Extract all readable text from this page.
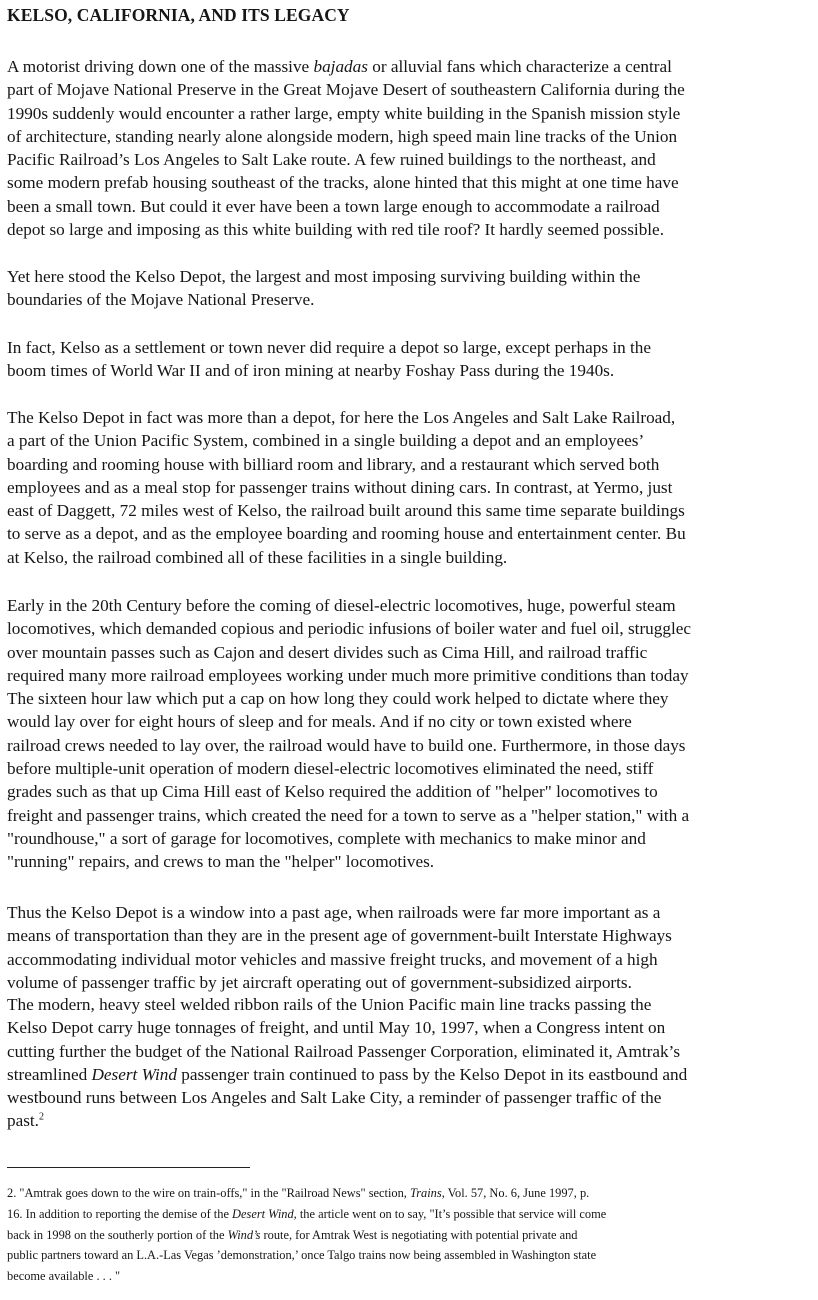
KELSO, CALIFORNIA, AND ITS LEGACY
A motorist driving down one of the massive bajadas or alluvial fans which characterize a central
part of Mojave National Preserve in the Great Mojave Desert of southeastern California during the
1990s suddenly would encounter a rather large, empty white building in the Spanish mission style
of architecture, standing nearly alone alongside modern, high speed main line tracks of the Union
Pacific Railroad’s Los Angeles to Salt Lake route. A few ruined buildings to the northeast, and
some modern prefab housing southeast of the tracks, alone hinted that this might at one time have
been a small town. But could it ever have been a town large enough to accommodate a railroad
depot so large and imposing as this white building with red tile roof? It hardly seemed possible.
Yet here stood the Kelso Depot, the largest and most imposing surviving building within the
boundaries of the Mojave National Preserve.
In fact, Kelso as a settlement or town never did require a depot so large, except perhaps in the
boom times of World War II and of iron mining at nearby Foshay Pass during the 1940s.
The Kelso Depot in fact was more than a depot, for here the Los Angeles and Salt Lake Railroad,
a part of the Union Pacific System, combined in a single building a depot and an employees’
boarding and rooming house with billiard room and library, and a restaurant which served both
employees and as a meal stop for passenger trains without dining cars. In contrast, at Yermo, just
east of Daggett, 72 miles west of Kelso, the railroad built around this same time separate buildings
to serve as a depot, and as the employee boarding and rooming house and entertainment center. Bu
at Kelso, the railroad combined all of these facilities in a single building.
Early in the 20th Century before the coming of diesel-electric locomotives, huge, powerful steam
locomotives, which demanded copious and periodic infusions of boiler water and fuel oil, strugglec
over mountain passes such as Cajon and desert divides such as Cima Hill, and railroad traffic
required many more railroad employees working under much more primitive conditions than today
The sixteen hour law which put a cap on how long they could work helped to dictate where they
would lay over for eight hours of sleep and for meals. And if no city or town existed where
railroad crews needed to lay over, the railroad would have to build one. Furthermore, in those days
before multiple-unit operation of modern diesel-electric locomotives eliminated the need, stiff
grades such as that up Cima Hill east of Kelso required the addition of "helper" locomotives to
freight and passenger trains, which created the need for a town to serve as a "helper station," with a
"roundhouse," a sort of garage for locomotives, complete with mechanics to make minor and
"running" repairs, and crews to man the "helper" locomotives.
Thus the Kelso Depot is a window into a past age, when railroads were far more important as a
means of transportation than they are in the present age of government-built Interstate Highways
accommodating individual motor vehicles and massive freight trucks, and movement of a high
volume of passenger traffic by jet aircraft operating out of government-subsidized airports.
The modern, heavy steel welded ribbon rails of the Union Pacific main line tracks passing the
Kelso Depot carry huge tonnages of freight, and until May 10, 1997, when a Congress intent on
cutting further the budget of the National Railroad Passenger Corporation, eliminated it, Amtrak’s
streamlined Desert Wind passenger train continued to pass by the Kelso Depot in its eastbound and
westbound runs between Los Angeles and Salt Lake City, a reminder of passenger traffic of the
past.$^2$
2. "Amtrak goes down to the wire on train-offs," in the "Railroad News" section, Trains, Vol. 57, No. 6, June 1997, p.
16. In addition to reporting the demise of the Desert Wind, the article went on to say, "It’s possible that service will come
back in 1998 on the southerly portion of the Wind’s route, for Amtrak West is negotiating with potential private and
public partners toward an L.A.-Las Vegas ’demonstration,’ once Talgo trains now being assembled in Washington state
become available . . . "
